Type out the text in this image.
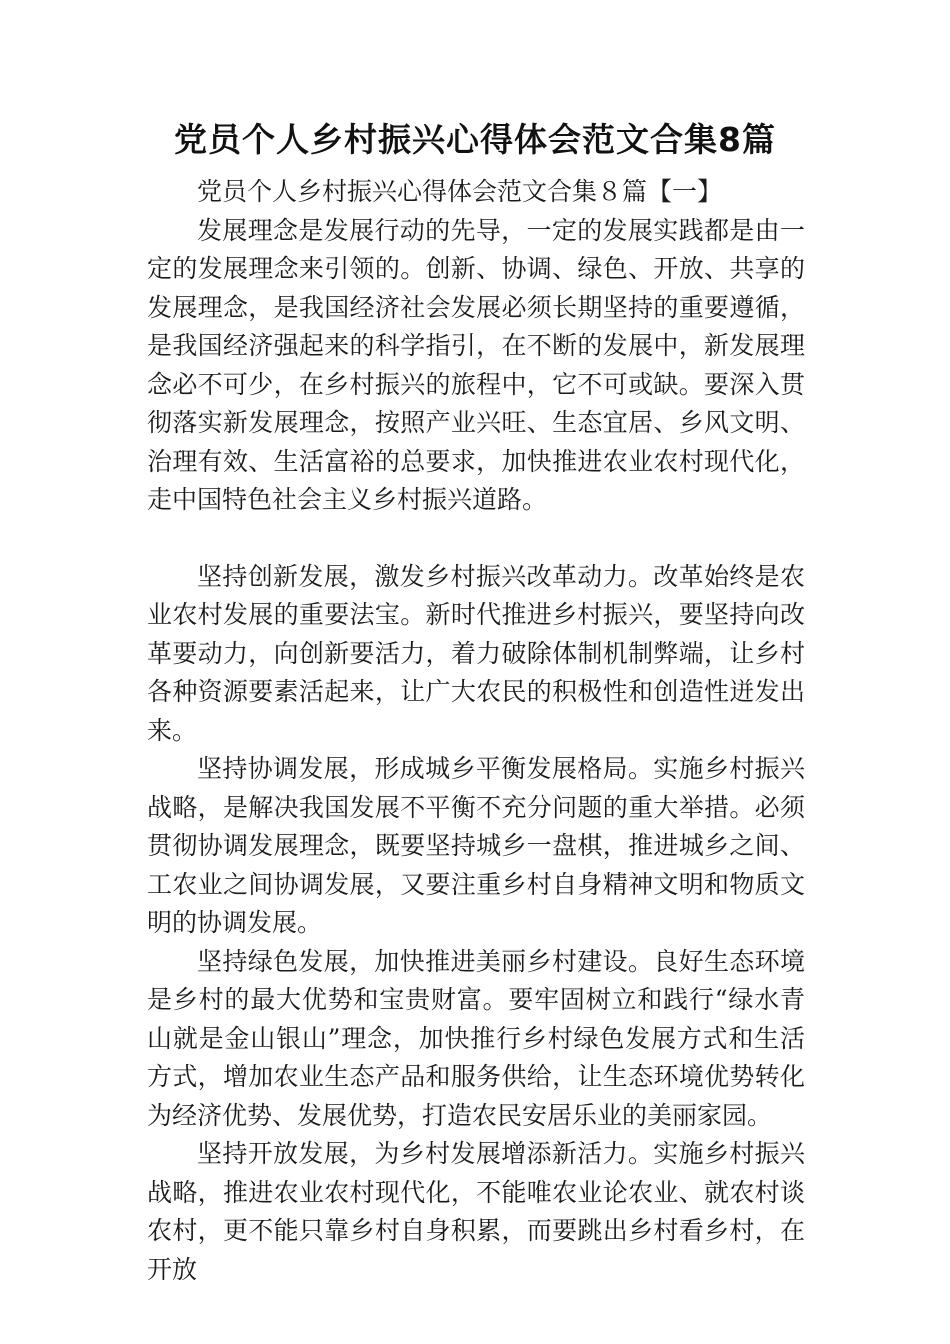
党员个人乡村振兴心得体会范文合集8篇

党员个人乡村振兴心得体会范文合集８篇【一】

发展理念是发展行动的先导，一定的发展实践都是由一定的发展理念来引领的。创新、协调、绿色、开放、共享的发展理念，是我国经济社会发展必须长期坚持的重要遵循，是我国经济强起来的科学指引，在不断的发展中，新发展理念必不可少，在乡村振兴的旅程中，它不可或缺。要深入贯彻落实新发展理念，按照产业兴旺、生态宜居、乡风文明、治理有效、生活富裕的总要求，加快推进农业农村现代化，走中国特色社会主义乡村振兴道路。

坚持创新发展，激发乡村振兴改革动力。改革始终是农业农村发展的重要法宝。新时代推进乡村振兴，要坚持向改革要动力，向创新要活力，着力破除体制机制弊端，让乡村各种资源要素活起来，让广大农民的积极性和创造性迸发出来。

坚持协调发展，形成城乡平衡发展格局。实施乡村振兴战略，是解决我国发展不平衡不充分问题的重大举措。必须贯彻协调发展理念，既要坚持城乡一盘棋，推进城乡之间、工农业之间协调发展，又要注重乡村自身精神文明和物质文明的协调发展。

坚持绿色发展，加快推进美丽乡村建设。良好生态环境是乡村的最大优势和宝贵财富。要牢固树立和践行“绿水青山就是金山银山”理念，加快推行乡村绿色发展方式和生活方式，增加农业生态产品和服务供给，让生态环境优势转化为经济优势、发展优势，打造农民安居乐业的美丽家园。

坚持开放发展，为乡村发展增添新活力。实施乡村振兴战略，推进农业农村现代化，不能唯农业论农业、就农村谈农村，更不能只靠乡村自身积累，而要跳出乡村看乡村，在开放
